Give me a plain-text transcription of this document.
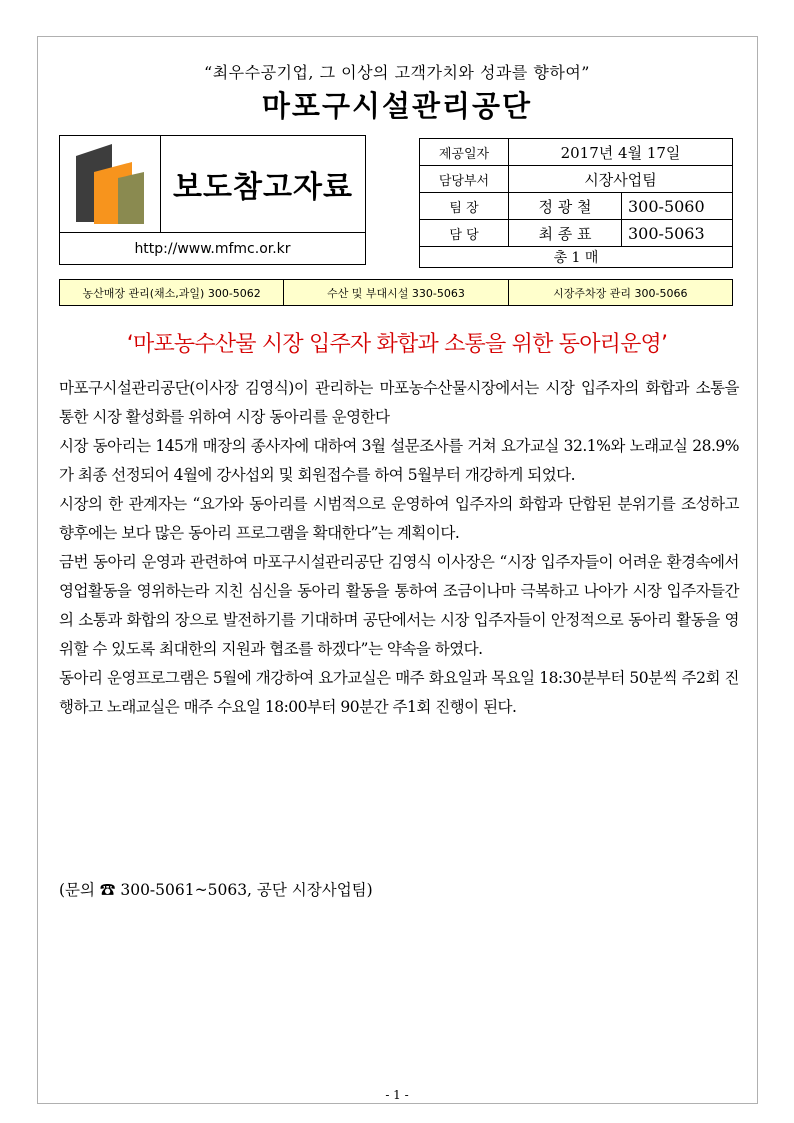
“최우수공기업, 그 이상의 고객가치와 성과를 향하여”
마포구시설관리공단
보도참고자료
http://www.mfmc.or.kr
제공일자	2017년 4월 17일	
담당부서	시장사업팀	
팀 장	정 광 철	300-5060
담 당	최 종 표	300-5063
총 1 매		
농산매장 관리(채소,과일) 300-5062	수산 및 부대시설 330-5063	시장주차장 관리 300-5066
‘마포농수산물 시장 입주자 화합과 소통을 위한 동아리운영’

마포구시설관리공단(이사장 김영식)이 관리하는 마포농수산물시장에서는 시장 입주자의 화합과 소통을 통한 시장 활성화를 위하여 시장 동아리를 운영한다

시장 동아리는 145개 매장의 종사자에 대하여 3월 설문조사를 거쳐 요가교실 32.1%와 노래교실 28.9%가 최종 선정되어 4월에 강사섭외 및 회원접수를 하여 5월부터 개강하게 되었다.

시장의 한 관계자는 “요가와 동아리를 시범적으로 운영하여 입주자의 화합과 단합된 분위기를 조성하고 향후에는 보다 많은 동아리 프로그램을 확대한다”는 계획이다.

금번 동아리 운영과 관련하여 마포구시설관리공단 김영식 이사장은 “시장 입주자들이 어려운 환경속에서 영업활동을 영위하는라 지친 심신을 동아리 활동을 통하여 조금이나마 극복하고 나아가 시장 입주자들간의 소통과 화합의 장으로 발전하기를 기대하며 공단에서는 시장 입주자들이 안정적으로 동아리 활동을 영위할 수 있도록 최대한의 지원과 협조를 하겠다”는 약속을 하였다.

동아리 운영프로그램은 5월에 개강하여 요가교실은 매주 화요일과 목요일 18:30분부터 50분씩 주2회 진행하고 노래교실은 매주 수요일 18:00부터 90분간 주1회 진행이 된다.

(문의 ☎ 300-5061~5063, 공단 시장사업팀)
- 1 -
